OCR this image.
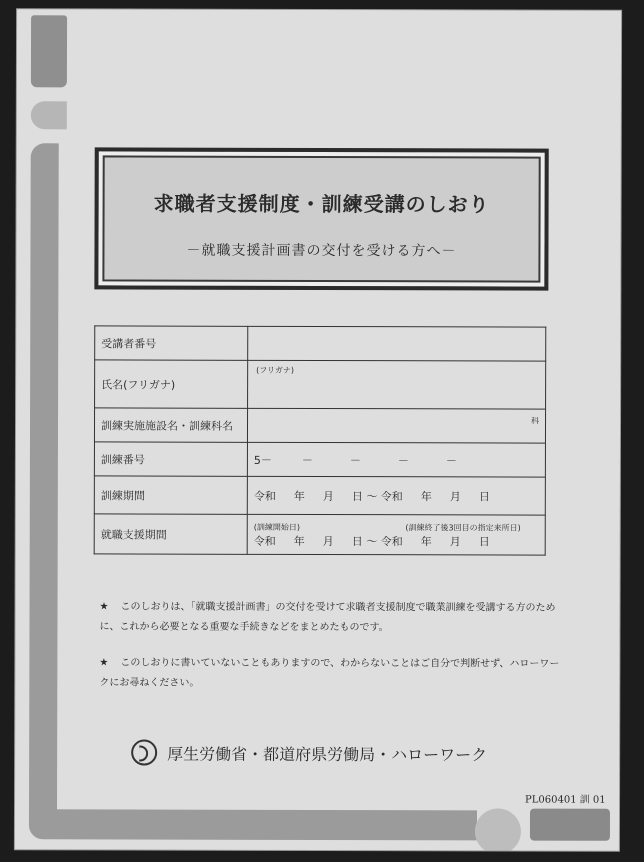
求職者支援制度・訓練受講のしおり
－就職支援計画書の交付を受ける方へ－
受講者番号	
氏名(フリガナ)	(フリガナ)

訓練実施施設名・訓練科名	科

訓練番号	5－ － － － －
訓練期間	令和 年 月 日 ～ 令和 年 月 日
就職支援期間	(訓練開始日) (訓練終了後3回目の指定来所日)
令和 年 月 日 ～ 令和 年 月 日
★ このしおりは、「就職支援計画書」の交付を受けて求職者支援制度で職業訓練を受講する方のために、これから必要となる重要な手続きなどをまとめたものです。
★ このしおりに書いていないこともありますので、わからないことはご自分で判断せず、ハローワークにお尋ねください。
厚生労働省・都道府県労働局・ハローワーク
PL060401 訓 01
